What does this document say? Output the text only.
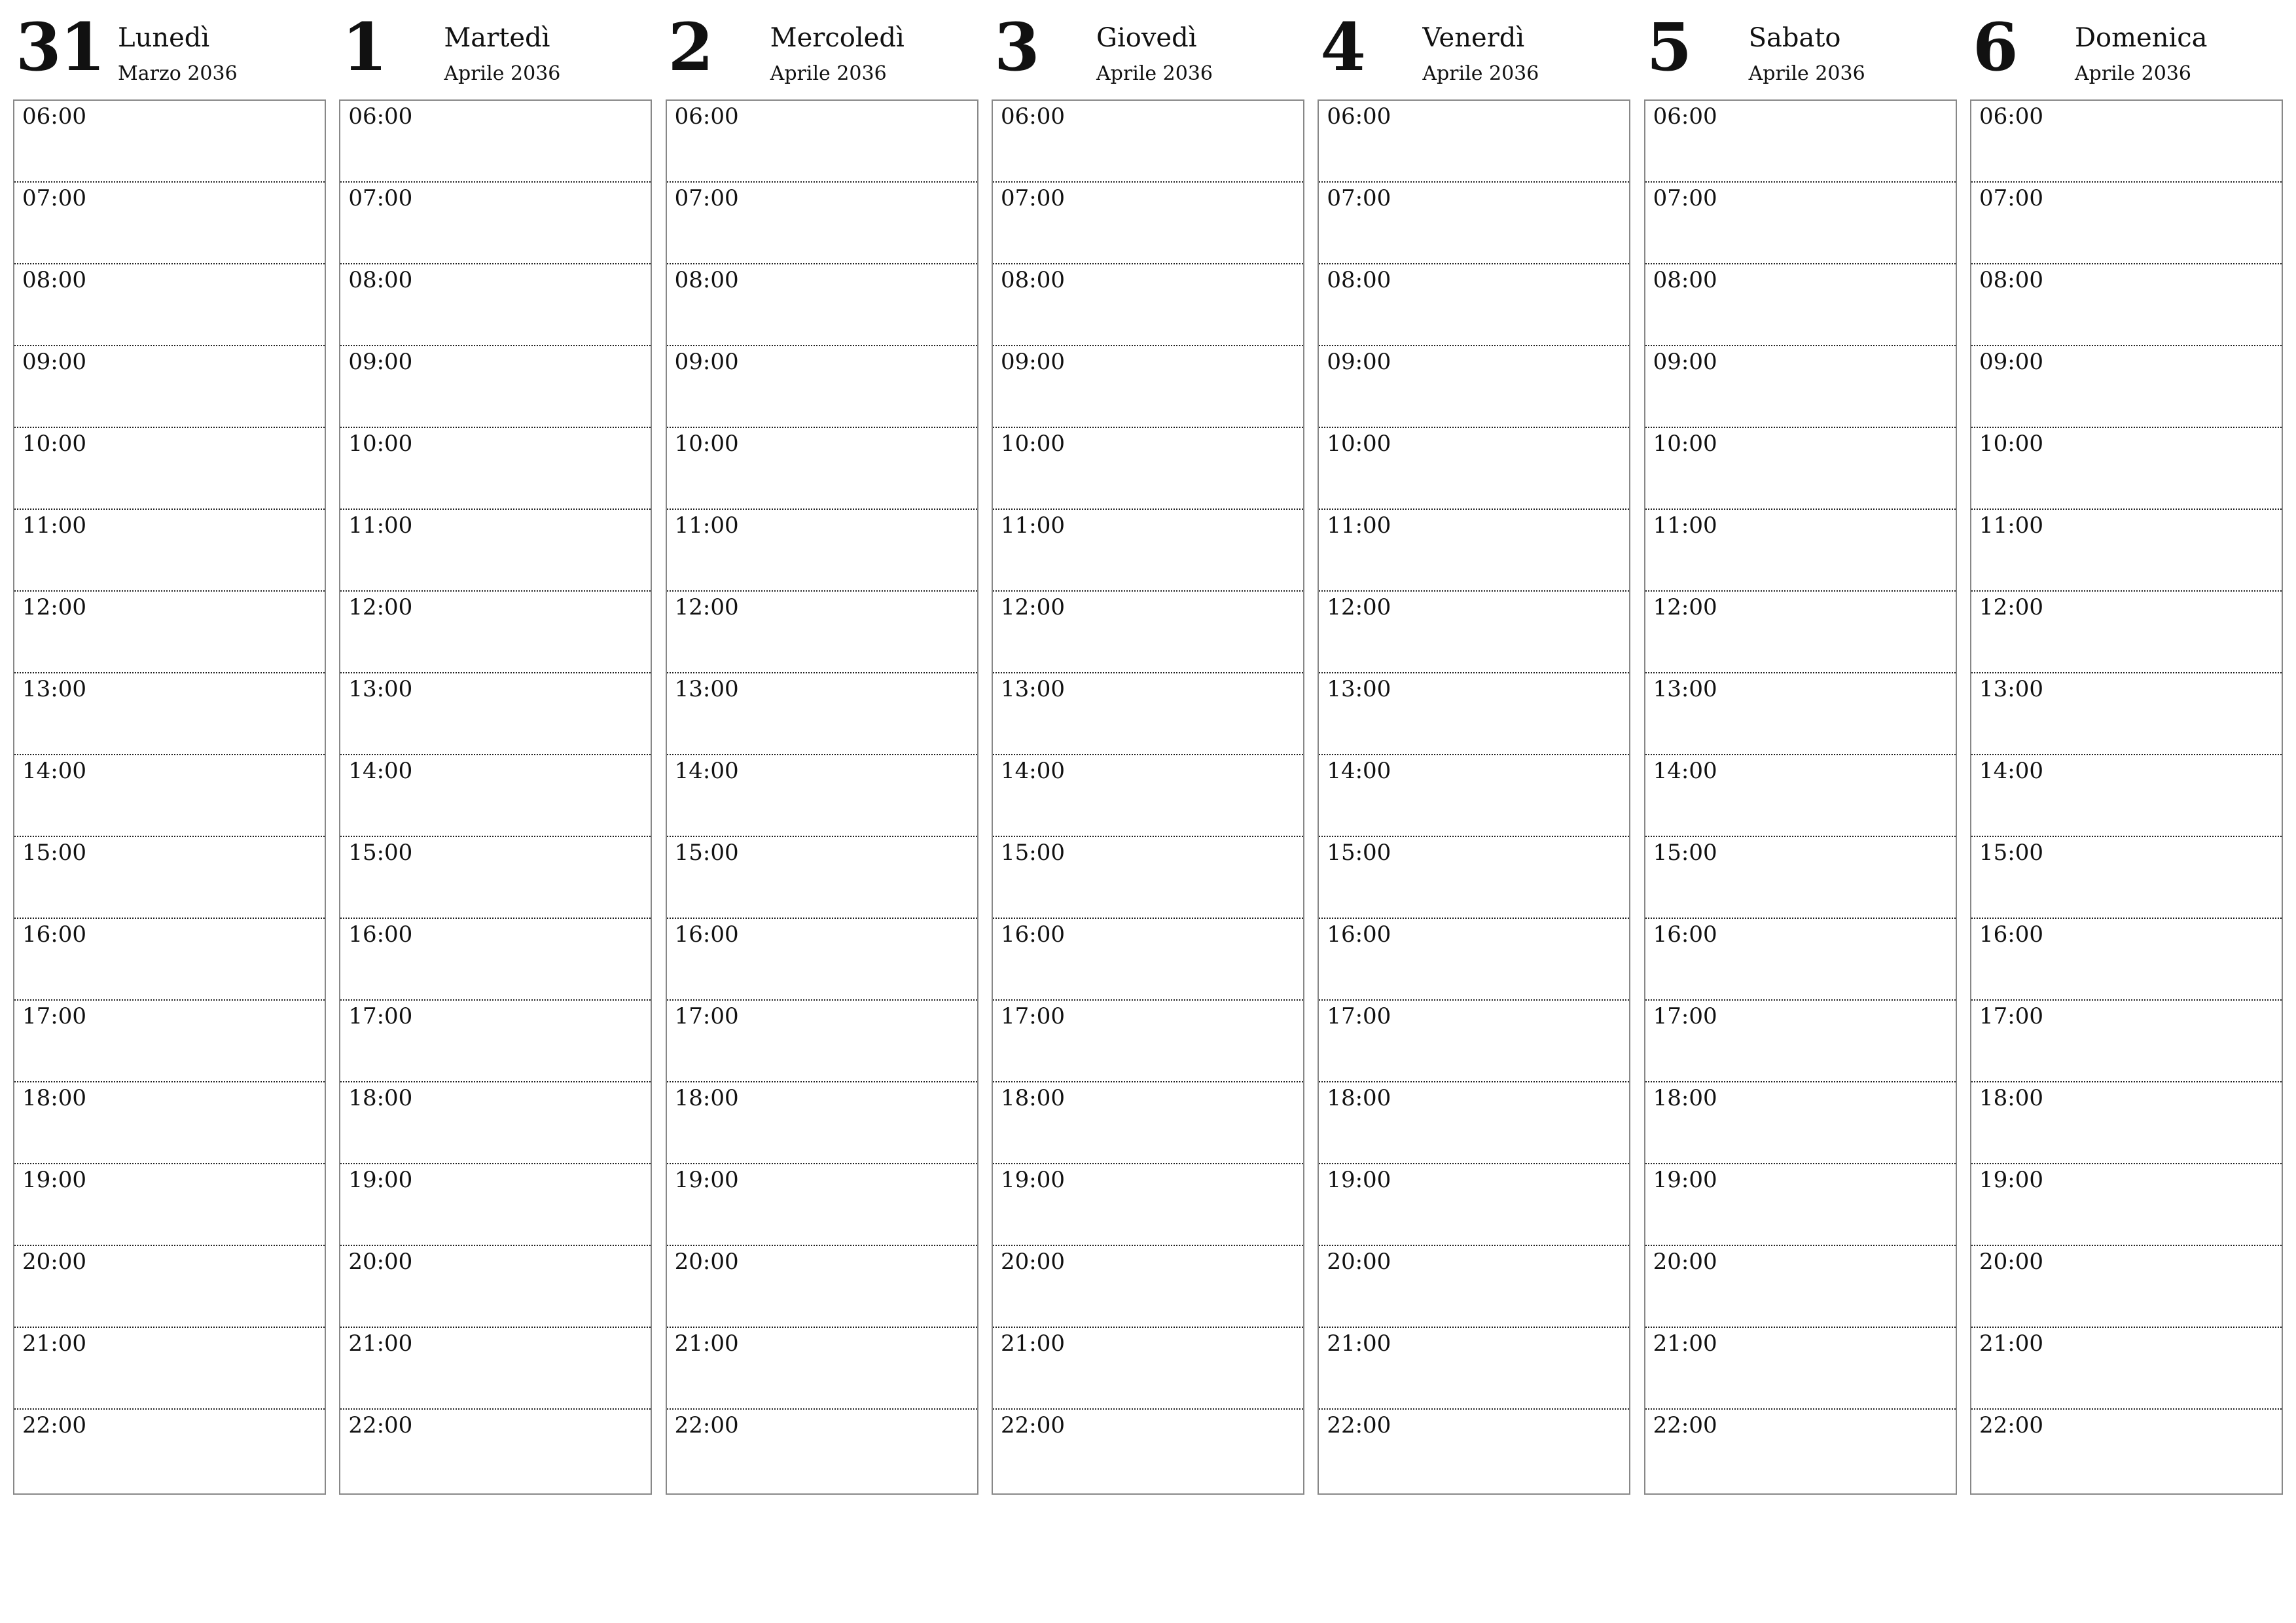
31 Lunedì
Marzo 2036
06:00
07:00
08:00
09:00
10:00
11:00
12:00
13:00
14:00
15:00
16:00
17:00
18:00
19:00
20:00
21:00
22:00
1 Martedì
Aprile 2036
06:00
07:00
08:00
09:00
10:00
11:00
12:00
13:00
14:00
15:00
16:00
17:00
18:00
19:00
20:00
21:00
22:00
2 Mercoledì
Aprile 2036
06:00
07:00
08:00
09:00
10:00
11:00
12:00
13:00
14:00
15:00
16:00
17:00
18:00
19:00
20:00
21:00
22:00
3 Giovedì
Aprile 2036
06:00
07:00
08:00
09:00
10:00
11:00
12:00
13:00
14:00
15:00
16:00
17:00
18:00
19:00
20:00
21:00
22:00
4 Venerdì
Aprile 2036
06:00
07:00
08:00
09:00
10:00
11:00
12:00
13:00
14:00
15:00
16:00
17:00
18:00
19:00
20:00
21:00
22:00
5 Sabato
Aprile 2036
06:00
07:00
08:00
09:00
10:00
11:00
12:00
13:00
14:00
15:00
16:00
17:00
18:00
19:00
20:00
21:00
22:00
6 Domenica
Aprile 2036
06:00
07:00
08:00
09:00
10:00
11:00
12:00
13:00
14:00
15:00
16:00
17:00
18:00
19:00
20:00
21:00
22:00
